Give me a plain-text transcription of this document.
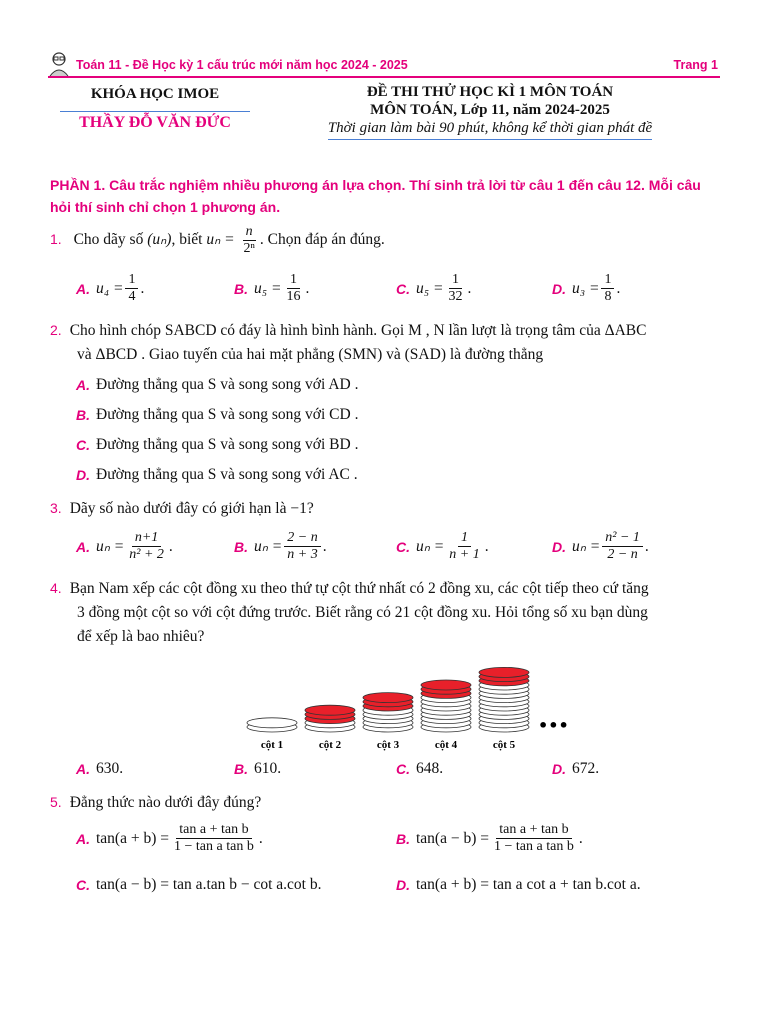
Toán 11 - Đề Học kỳ 1 cấu trúc mới năm học 2024 - 2025	Trang 1
KHÓA HỌC IMOE
THẦY ĐỖ VĂN ĐỨC
ĐỀ THI THỬ HỌC KÌ 1 MÔN TOÁN
MÔN TOÁN, Lớp 11, năm 2024-2025
Thời gian làm bài 90 phút, không kể thời gian phát đề
PHẦN 1. Câu trắc nghiệm nhiều phương án lựa chọn. Thí sinh trả lời từ câu 1 đến câu 12. Mỗi câu hỏi thí sinh chỉ chọn 1 phương án.
1. Cho dãy số (uₙ), biết $u_n = \frac{n}{\text{2ⁿ}}$ . Chọn đáp án đúng.
A. $u_4 = \frac{1}{4}$ .	B. $u_5 = \frac{1}{16}$ .	C. $u_5 = \frac{1}{32}$ .	D. $u_3 = \frac{1}{8}$ .
2. Cho hình chóp SABCD có đáy là hình bình hành. Gọi M , N lần lượt là trọng tâm của ΔABC
và ΔBCD . Giao tuyến của hai mặt phẳng (SMN) và (SAD) là đường thẳng
A. Đường thẳng qua S và song song với AD .
B. Đường thẳng qua S và song song với CD .
C. Đường thẳng qua S và song song với BD .
D. Đường thẳng qua S và song song với AC .
3. Dãy số nào dưới đây có giới hạn là −1?
A. $u_n = \frac{n+1}{\text{n² + 2}}$ .	B. $u_n = \frac{2 - n}{n + 3}$ .	C. $u_n = \frac{1}{n + 1}$ .	D. $u_n = \frac{\text{n² − 1}}{2 - n}$ .
4. Bạn Nam xếp các cột đồng xu theo thứ tự cột thứ nhất có 2 đồng xu, các cột tiếp theo cứ tăng
3 đồng một cột so với cột đứng trước. Biết rằng có 21 cột đồng xu. Hỏi tổng số xu bạn dùng
để xếp là bao nhiêu?
cột 1	cột 2	cột 3	cột 4	cột 5
•••
A. 630.	B. 610.	C. 648.	D. 672.
5. Đẳng thức nào dưới đây đúng?
A. $\tan(a + b) = \frac{\text{tan a + tan b}}{\text{1 − tan a tan b}}$ .	B. $\tan(a - b) = \frac{\text{tan a + tan b}}{\text{1 − tan a tan b}}$ .
C. tan(a − b) = tan a.tan b − cot a.cot b.	D. tan(a + b) = tan a cot a + tan b.cot a.
